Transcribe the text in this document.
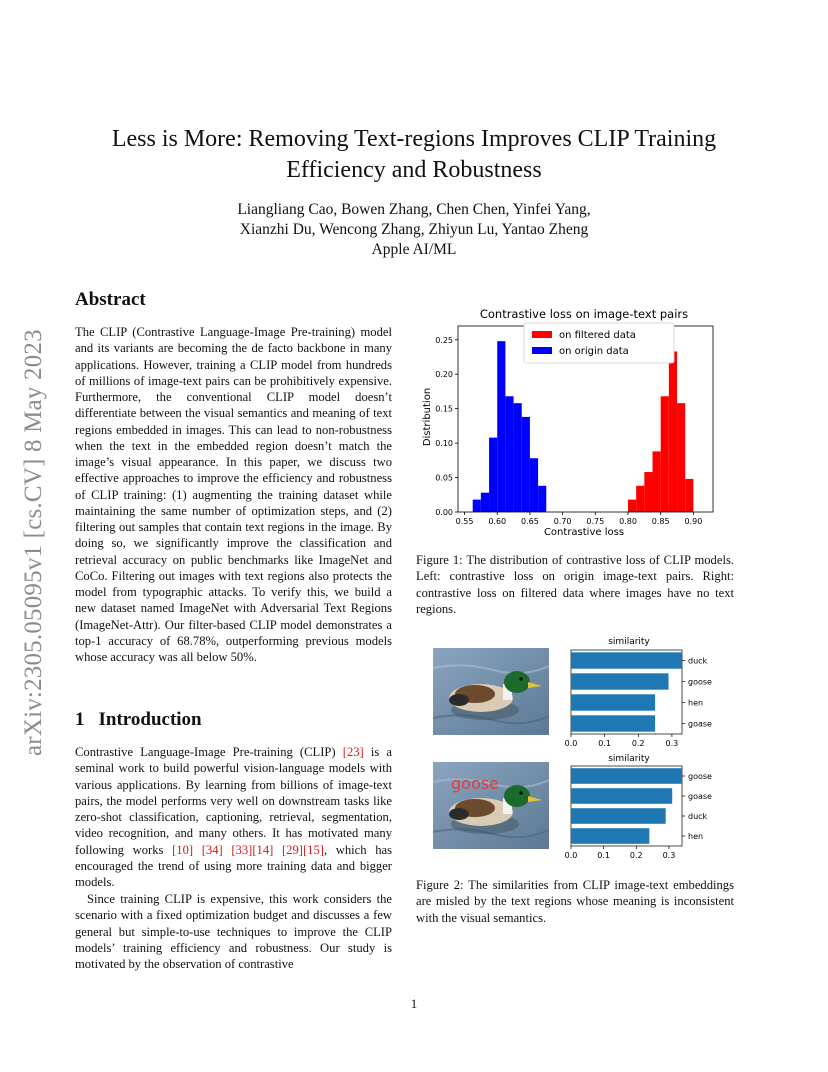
Less is More: Removing Text-regions Improves CLIP Training
Efficiency and Robustness
Liangliang Cao, Bowen Zhang, Chen Chen, Yinfei Yang,
Xianzhi Du, Wencong Zhang, Zhiyun Lu, Yantao Zheng
Apple AI/ML
arXiv:2305.05095v1 [cs.CV] 8 May 2023
Abstract
The CLIP (Contrastive Language-Image Pre-training) model and its variants are becoming the de facto backbone in many applications. However, training a CLIP model from hundreds of millions of image-text pairs can be prohibitively expensive. Furthermore, the conventional CLIP model doesn’t differentiate between the visual semantics and meaning of text regions embedded in images. This can lead to non-robustness when the text in the embedded region doesn’t match the image’s visual appearance. In this paper, we discuss two effective approaches to improve the efficiency and robustness of CLIP training: (1) augmenting the training dataset while maintaining the same number of optimization steps, and (2) filtering out samples that contain text regions in the image. By doing so, we significantly improve the classification and retrieval accuracy on public benchmarks like ImageNet and CoCo. Filtering out images with text regions also protects the model from typographic attacks. To verify this, we build a new dataset named ImageNet with Adversarial Text Regions (ImageNet-Attr). Our filter-based CLIP model demonstrates a top-1 accuracy of 68.78%, outperforming previous models whose accuracy was all below 50%.
1 Introduction
Contrastive Language-Image Pre-training (CLIP) [23] is a seminal work to build powerful vision-language models with various applications. By learning from billions of image-text pairs, the model performs very well on downstream tasks like zero-shot classification, captioning, retrieval, segmentation, video recognition, and many others. It has motivated many following works [10] [34] [33][14] [29][15], which has encouraged the trend of using more training data and bigger models.
Since training CLIP is expensive, this work considers the scenario with a fixed optimization budget and discusses a few general but simple-to-use techniques to improve the CLIP models’ training efficiency and robustness. Our study is motivated by the observation of contrastive
Contrastive loss on image-text pairs
0.55 0.60 0.65 0.70 0.75 0.80 0.85 0.90
0.00
0.05
0.10
0.15
0.20
0.25
Contrastive loss
Distribution
on filtered data
on origin data
Figure 1: The distribution of contrastive loss of CLIP models. Left: contrastive loss on origin image-text pairs. Right: contrastive loss on filtered data where images have no text regions.
goose
similarity
duck
goose
hen
goase
0.0	0.1	0.2	0.3
similarity
goose
goase
duck
hen
0.0 0.1 0.2 0.3
Figure 2: The similarities from CLIP image-text embeddings are misled by the text regions whose meaning is inconsistent with the visual semantics.
1
